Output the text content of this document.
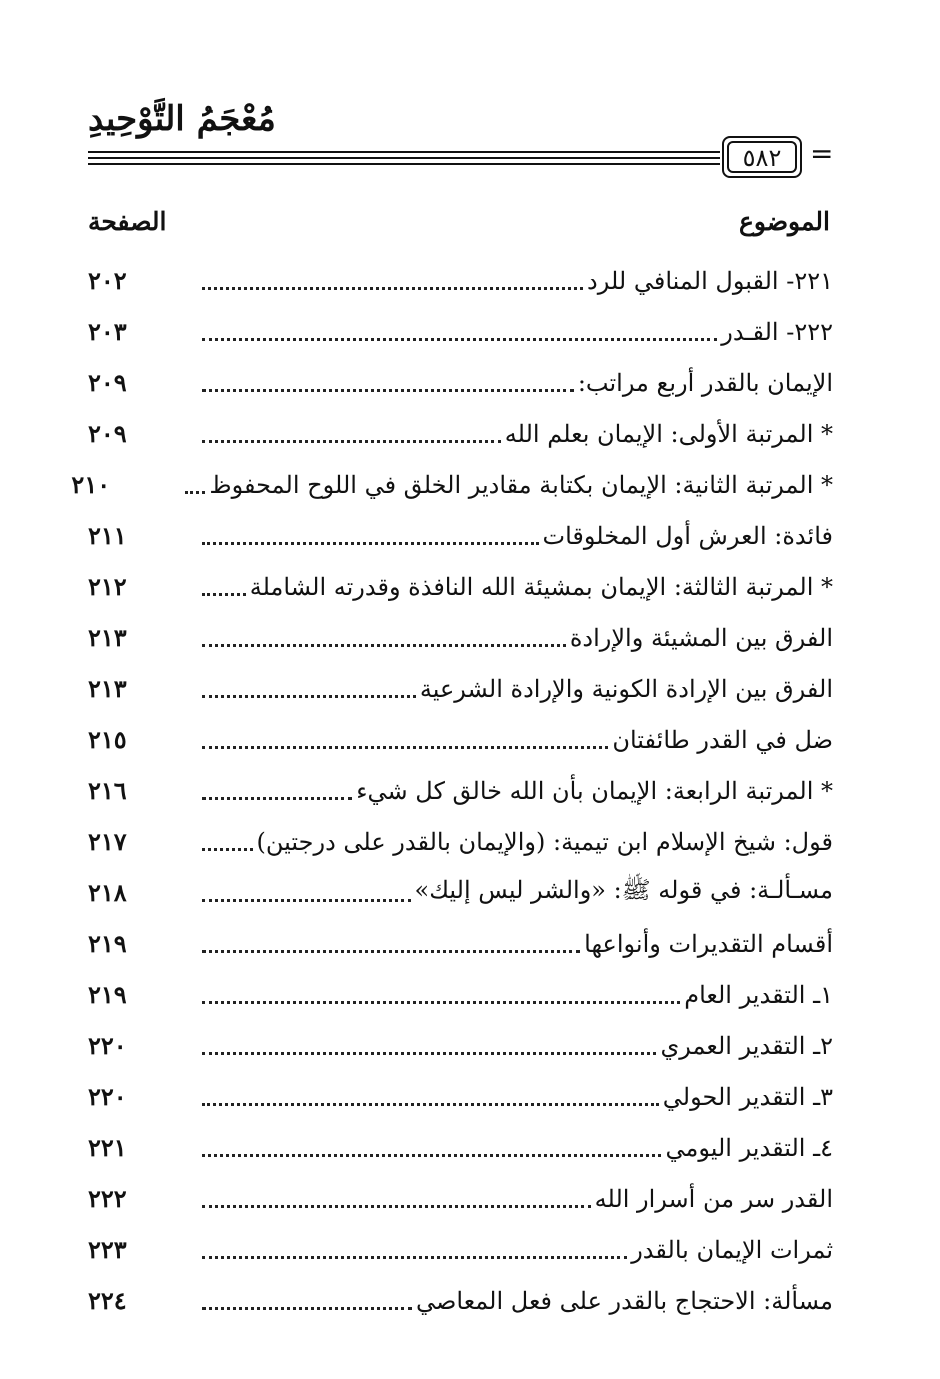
مُعْجَمُ التَّوْحِيدِ
٥٨٢	=
الموضوع
الصفحة
٢٢١- القبول المنافي للرد
٢٠٢
٢٢٢- القـدر
٢٠٣
الإيمان بالقدر أربع مراتب:
٢٠٩
* المرتبة الأولى: الإيمان بعلم الله
٢٠٩
* المرتبة الثانية: الإيمان بكتابة مقادير الخلق في اللوح المحفوظ
٢١٠
فائدة: العرش أول المخلوقات
٢١١
* المرتبة الثالثة: الإيمان بمشيئة الله النافذة وقدرته الشاملة
٢١٢
الفرق بين المشيئة والإرادة
٢١٣
الفرق بين الإرادة الكونية والإرادة الشرعية
٢١٣
ضل في القدر طائفتان
٢١٥
* المرتبة الرابعة: الإيمان بأن الله خالق كل شيء
٢١٦
قول: شيخ الإسلام ابن تيمية: (والإيمان بالقدر على درجتين)
٢١٧
مسـألـة: في قوله ﷺ: «والشر ليس إليك»
٢١٨
أقسام التقديرات وأنواعها
٢١٩
١ـ التقدير العام
٢١٩
٢ـ التقدير العمري
٢٢٠
٣ـ التقدير الحولي
٢٢٠
٤ـ التقدير اليومي
٢٢١
القدر سر من أسرار الله
٢٢٢
ثمرات الإيمان بالقدر
٢٢٣
مسألة: الاحتجاج بالقدر على فعل المعاصي
٢٢٤
